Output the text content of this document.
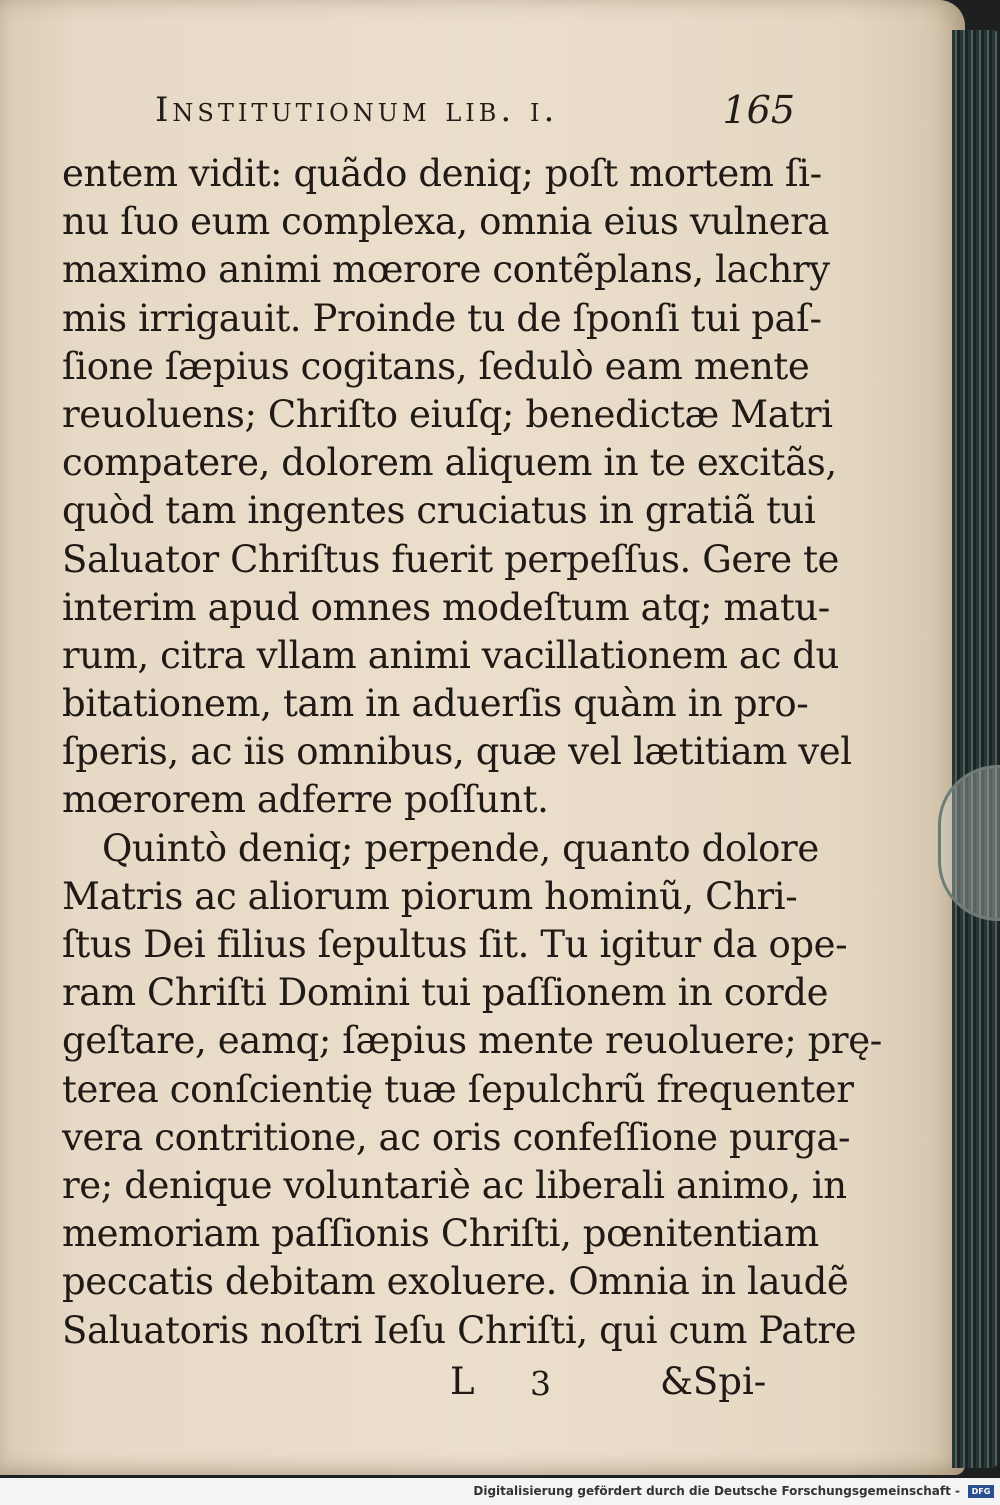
Institutionum lib. i.	165
entem vidit: quãdo deniq; poſt mortem ſi-
nu ſuo eum complexa, omnia eius vulnera
maximo animi mœrore contẽplans, lachry
mis irrigauit. Proinde tu de ſponſi tui paſ-
ſione ſæpius cogitans, ſedulò eam mente
reuoluens; Chriſto eiuſq; benedictæ Matri
compatere, dolorem aliquem in te excitãs,
quòd tam ingentes cruciatus in gratiã tui
Saluator Chriſtus fuerit perpeſſus. Gere te
interim apud omnes modeſtum atq; matu-
rum, citra vllam animi vacillationem ac du
bitationem, tam in aduerſis quàm in pro-
ſperis, ac iis omnibus, quæ vel lætitiam vel
mœrorem adferre poſſunt.
Quintò deniq; perpende, quanto dolore
Matris ac aliorum piorum hominũ, Chri-
ſtus Dei filius ſepultus ſit. Tu igitur da ope-
ram Chriſti Domini tui paſſionem in corde
geſtare, eamq; ſæpius mente reuoluere; prę-
terea conſcientię tuæ ſepulchrũ frequenter
vera contritione, ac oris confeſſione purga-
re; denique voluntariè ac liberali animo, in
memoriam paſſionis Chriſti, pœnitentiam
peccatis debitam exoluere. Omnia in laudẽ
Saluatoris noſtri Ieſu Chriſti, qui cum Patre
L 3	&Spi-
Digitalisierung gefördert durch die Deutsche Forschungsgemeinschaft -	DFG
